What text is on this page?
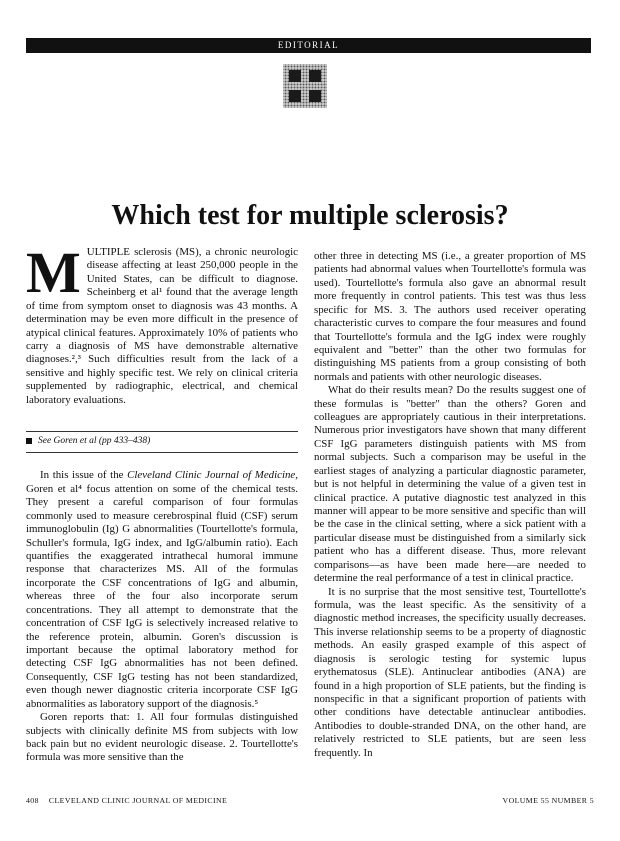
EDITORIAL
Which test for multiple sclerosis?

MULTIPLE sclerosis (MS), a chronic neurologic disease affecting at least 250,000 people in the United States, can be difficult to diagnose. Scheinberg et al¹ found that the average length of time from symptom onset to diagnosis was 43 months. A determination may be even more difficult in the presence of atypical clinical features. Approximately 10% of patients who carry a diagnosis of MS have demonstrable alternative diagnoses.²,³ Such difficulties result from the lack of a sensitive and highly specific test. We rely on clinical criteria supplemented by radiographic, electrical, and chemical laboratory evaluations.

See Goren et al (pp 433–438)

In this issue of the Cleveland Clinic Journal of Medicine, Goren et al⁴ focus attention on some of the chemical tests. They present a careful comparison of four formulas commonly used to measure cerebrospinal fluid (CSF) serum immunoglobulin (Ig) G abnormalities (Tourtellotte's formula, Schuller's formula, IgG index, and IgG/albumin ratio). Each quantifies the exaggerated intrathecal humoral immune response that characterizes MS. All of the formulas incorporate the CSF concentrations of IgG and albumin, whereas three of the four also incorporate serum concentrations. They all attempt to demonstrate that the concentration of CSF IgG is selectively increased relative to the reference protein, albumin. Goren's discussion is important because the optimal laboratory method for detecting CSF IgG abnormalities has not been defined. Consequently, CSF IgG testing has not been standardized, even though newer diagnostic criteria incorporate CSF IgG abnormalities as laboratory support of the diagnosis.⁵

Goren reports that: 1. All four formulas distinguished subjects with clinically definite MS from subjects with low back pain but no evident neurologic disease. 2. Tourtellotte's formula was more sensitive than the

other three in detecting MS (i.e., a greater proportion of MS patients had abnormal values when Tourtellotte's formula was used). Tourtellotte's formula also gave an abnormal result more frequently in control patients. This test was thus less specific for MS. 3. The authors used receiver operating characteristic curves to compare the four measures and found that Tourtellotte's formula and the IgG index were roughly equivalent and "better" than the other two formulas for distinguishing MS patients from a group consisting of both normals and patients with other neurologic diseases.

What do their results mean? Do the results suggest one of these formulas is "better" than the others? Goren and colleagues are appropriately cautious in their interpretations. Numerous prior investigators have shown that many different CSF IgG parameters distinguish patients with MS from normal subjects. Such a comparison may be useful in the earliest stages of analyzing a particular diagnostic parameter, but is not helpful in determining the value of a given test in clinical practice. A putative diagnostic test analyzed in this manner will appear to be more sensitive and specific than will be the case in the clinical setting, where a sick patient with a particular disease must be distinguished from a similarly sick patient who has a different disease. Thus, more relevant comparisons—as have been made here—are needed to determine the real performance of a test in clinical practice.

It is no surprise that the most sensitive test, Tourtellotte's formula, was the least specific. As the sensitivity of a diagnostic method increases, the specificity usually decreases. This inverse relationship seems to be a property of diagnostic methods. An easily grasped example of this aspect of diagnosis is serologic testing for systemic lupus erythematosus (SLE). Antinuclear antibodies (ANA) are found in a high proportion of SLE patients, but the finding is nonspecific in that a significant proportion of patients with other conditions have detectable antinuclear antibodies. Antibodies to double-stranded DNA, on the other hand, are relatively restricted to SLE patients, but are seen less frequently. In

408 CLEVELAND CLINIC JOURNAL OF MEDICINE	VOLUME 55 NUMBER 5
